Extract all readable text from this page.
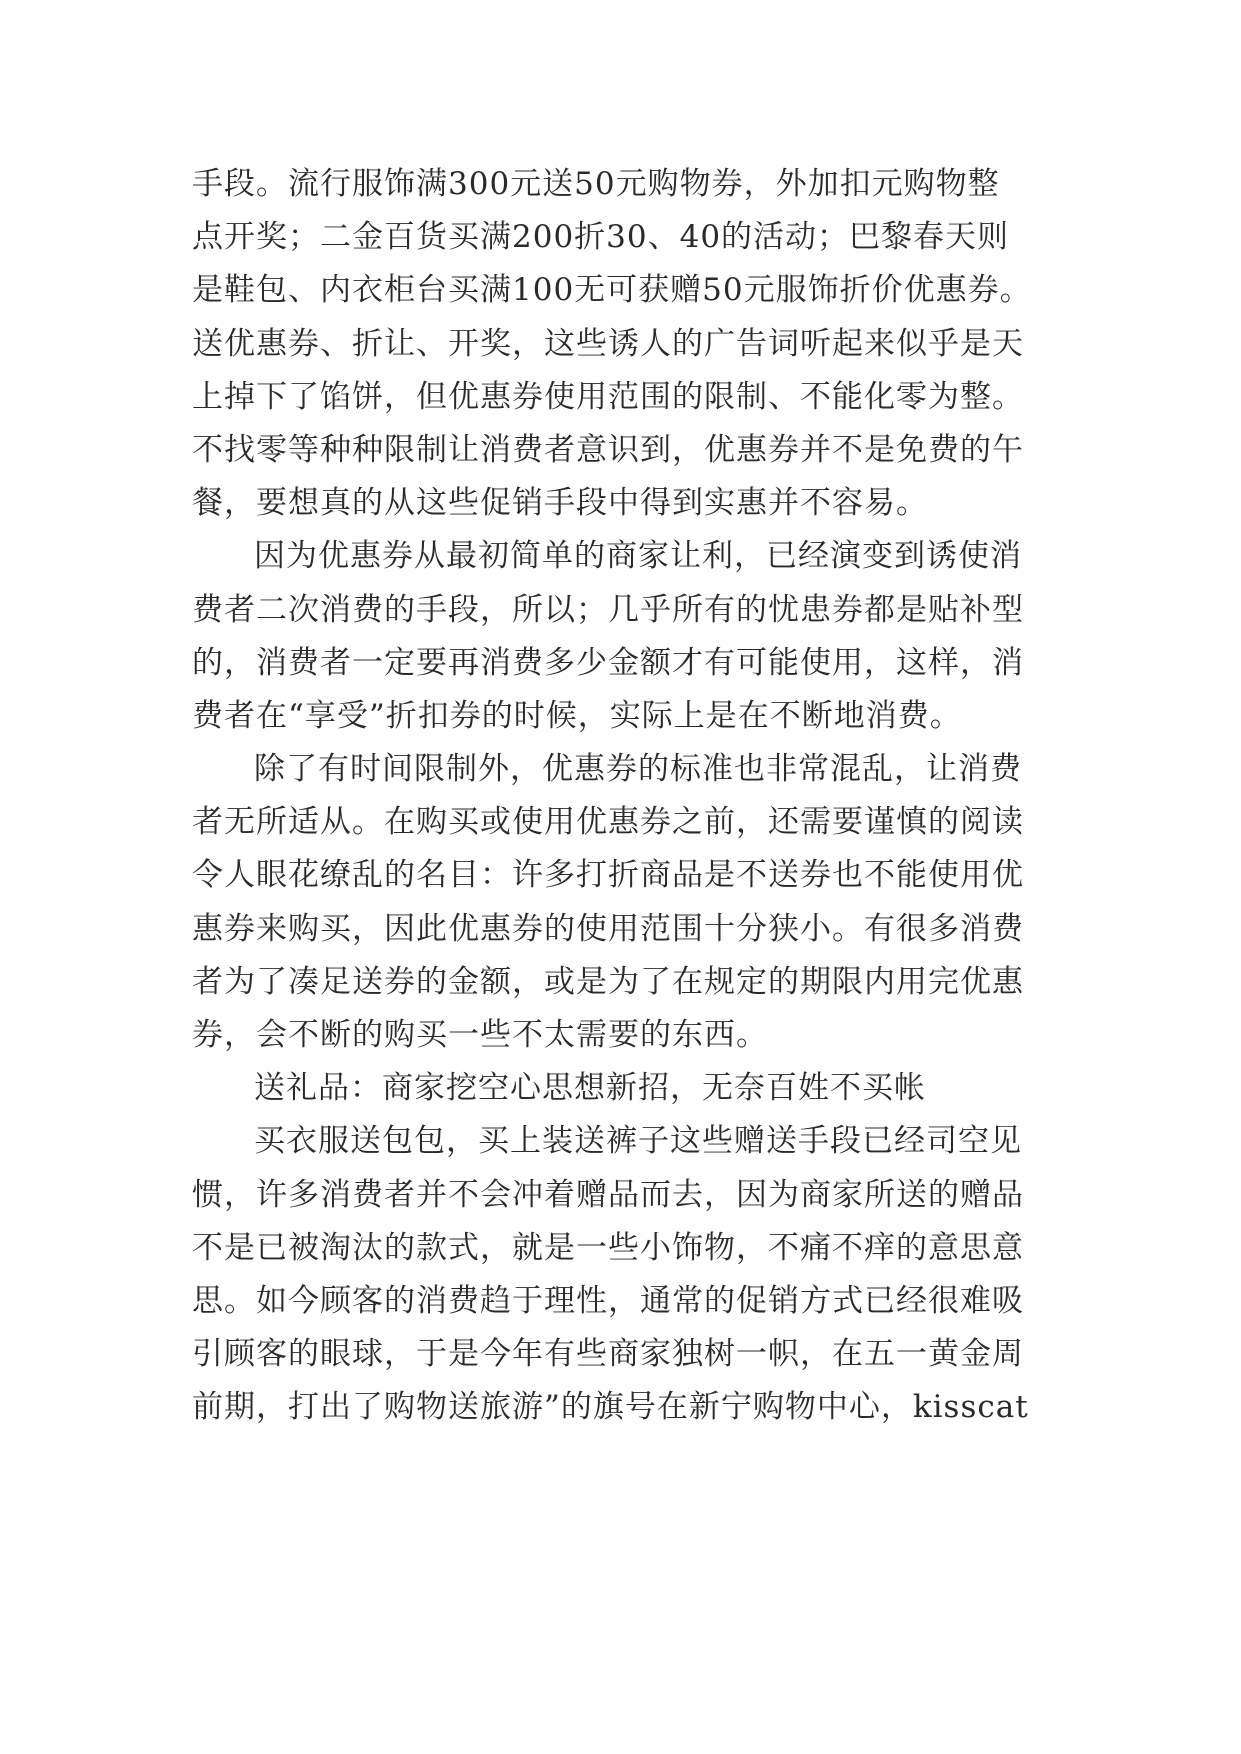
手段。流行服饰满300元送50元购物券，外加扣元购物整
点开奖；二金百货买满200折30、40的活动；巴黎春天则
是鞋包、内衣柜台买满100无可获赠50元服饰折价优惠券。
送优惠券、折让、开奖，这些诱人的广告词听起来似乎是天
上掉下了馅饼，但优惠券使用范围的限制、不能化零为整。
不找零等种种限制让消费者意识到，优惠券并不是免费的午
餐，要想真的从这些促销手段中得到实惠并不容易。
因为优惠券从最初简单的商家让利，已经演变到诱使消
费者二次消费的手段，所以；几乎所有的忧患券都是贴补型
的，消费者一定要再消费多少金额才有可能使用，这样，消
费者在“享受”折扣券的时候，实际上是在不断地消费。
除了有时间限制外，优惠券的标准也非常混乱，让消费
者无所适从。在购买或使用优惠券之前，还需要谨慎的阅读
令人眼花缭乱的名目：许多打折商品是不送券也不能使用优
惠券来购买，因此优惠券的使用范围十分狭小。有很多消费
者为了凑足送券的金额，或是为了在规定的期限内用完优惠
券，会不断的购买一些不太需要的东西。
送礼品：商家挖空心思想新招，无奈百姓不买帐
买衣服送包包，买上装送裤子这些赠送手段已经司空见
惯，许多消费者并不会冲着赠品而去，因为商家所送的赠品
不是已被淘汰的款式，就是一些小饰物，不痛不痒的意思意
思。如今顾客的消费趋于理性，通常的促销方式已经很难吸
引顾客的眼球，于是今年有些商家独树一帜，在五一黄金周
前期，打出了购物送旅游”的旗号在新宁购物中心，kisscat
